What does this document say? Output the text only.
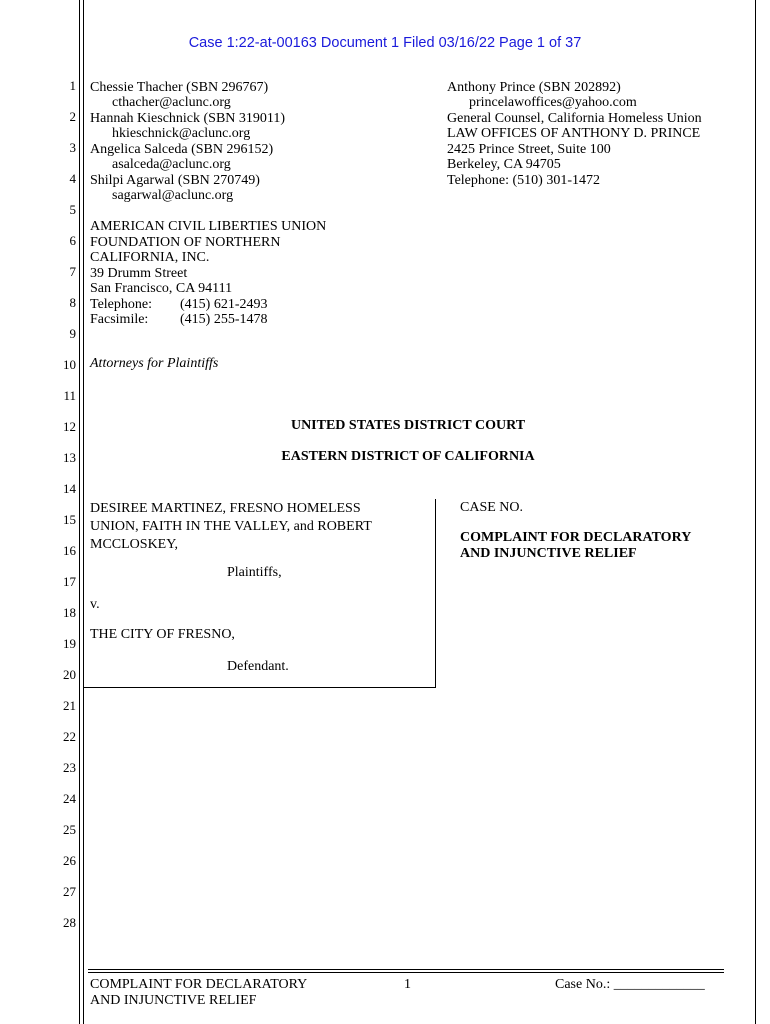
Case 1:22-at-00163 Document 1 Filed 03/16/22 Page 1 of 37
1
2
3
4
5
6
7
8
9
10
11
12
13
14
15
16
17
18
19
20
21
22
23
24
25
26
27
28
Chessie Thacher (SBN 296767)
cthacher@aclunc.org
Hannah Kieschnick (SBN 319011)
hkieschnick@aclunc.org
Angelica Salceda (SBN 296152)
asalceda@aclunc.org
Shilpi Agarwal (SBN 270749)
sagarwal@aclunc.org
AMERICAN CIVIL LIBERTIES UNION
FOUNDATION OF NORTHERN
CALIFORNIA, INC.
39 Drumm Street
San Francisco, CA 94111
Telephone: (415) 621-2493
Facsimile: (415) 255-1478
Anthony Prince (SBN 202892)
princelawoffices@yahoo.com
General Counsel, California Homeless Union
LAW OFFICES OF ANTHONY D. PRINCE
2425 Prince Street, Suite 100
Berkeley, CA 94705
Telephone: (510) 301-1472
Attorneys for Plaintiffs
UNITED STATES DISTRICT COURT
EASTERN DISTRICT OF CALIFORNIA
DESIREE MARTINEZ, FRESNO HOMELESS
UNION, FAITH IN THE VALLEY, and ROBERT
MCCLOSKEY,
Plaintiffs,
v.
THE CITY OF FRESNO,
Defendant.
CASE NO.
COMPLAINT FOR DECLARATORY
AND INJUNCTIVE RELIEF
COMPLAINT FOR DECLARATORY
AND INJUNCTIVE RELIEF
1	Case No.: _____________
